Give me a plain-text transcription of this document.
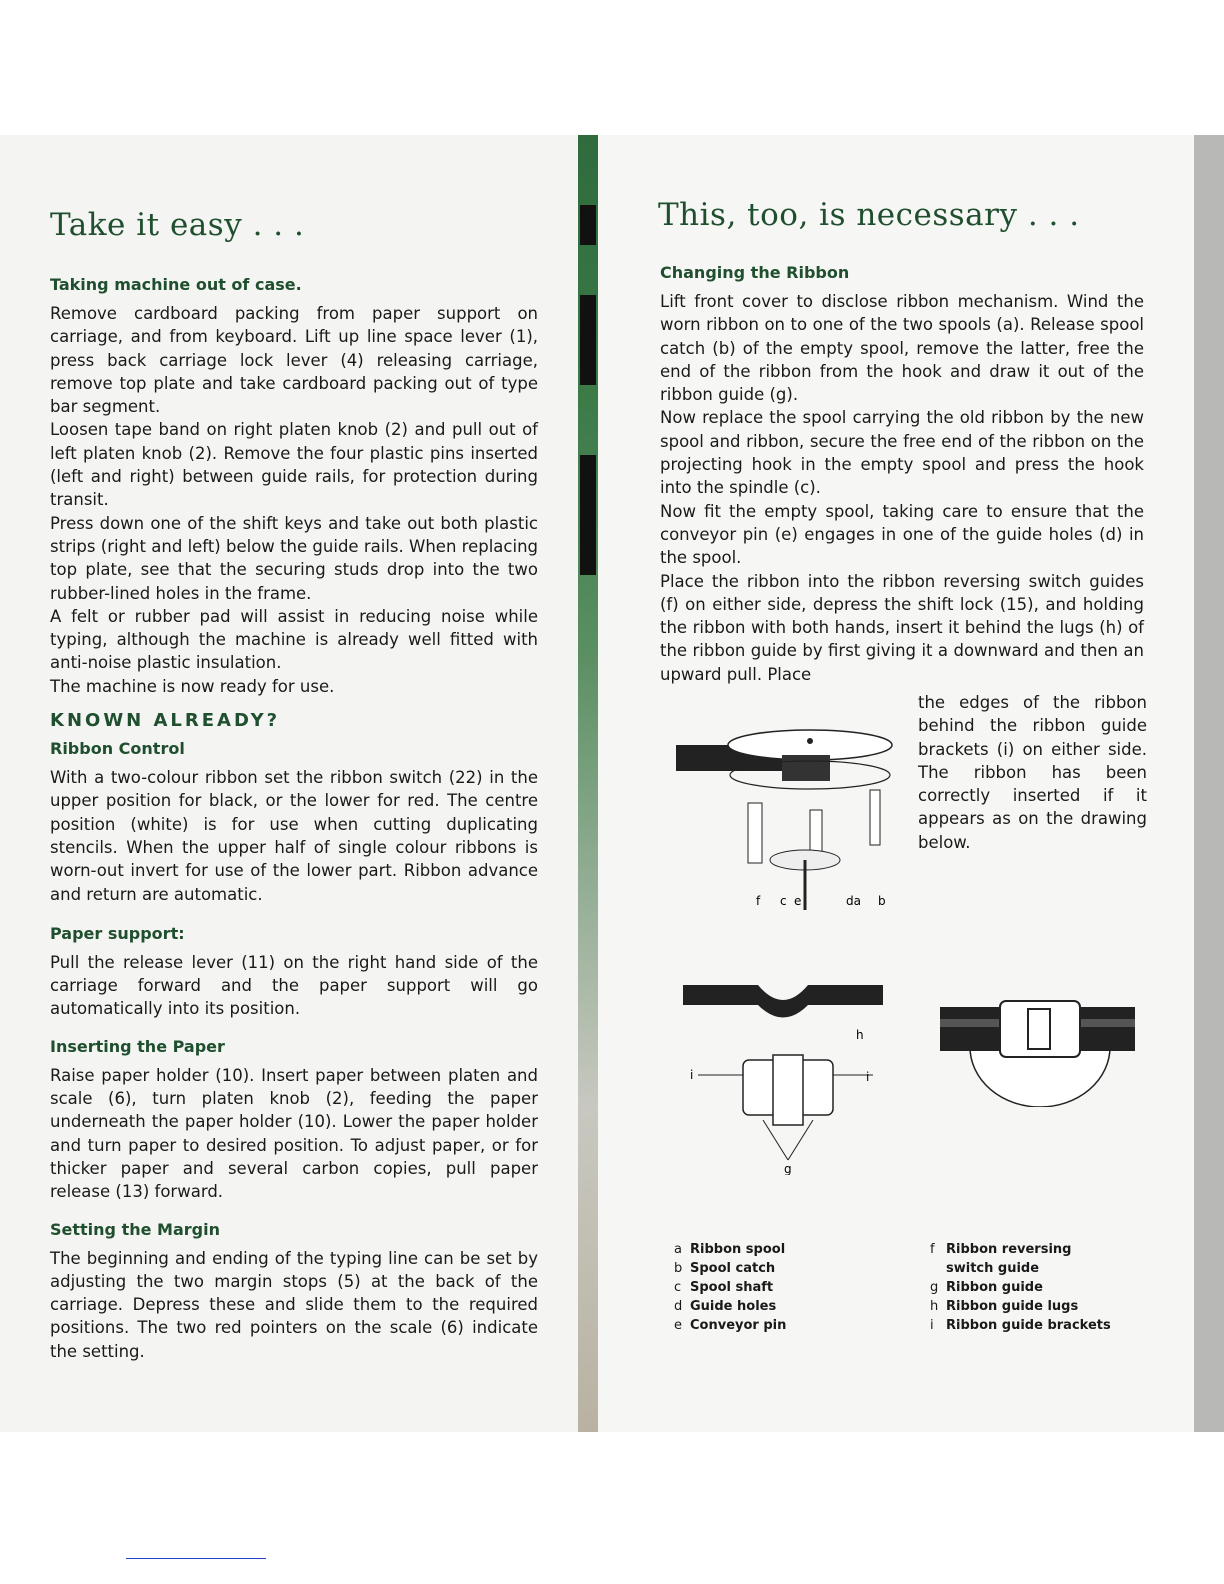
Take it easy . . .
Taking machine out of case.

Remove cardboard packing from paper support on carriage, and from keyboard. Lift up line space lever (1), press back carriage lock lever (4) releasing carriage, remove top plate and take cardboard packing out of type bar segment.

Loosen tape band on right platen knob (2) and pull out of left platen knob (2). Remove the four plastic pins inserted (left and right) between guide rails, for protection during transit.

Press down one of the shift keys and take out both plastic strips (right and left) below the guide rails. When replacing top plate, see that the securing studs drop into the two rubber-lined holes in the frame.

A felt or rubber pad will assist in reducing noise while typing, although the machine is already well fitted with anti-noise plastic insulation.

The machine is now ready for use.

KNOWN ALREADY?
Ribbon Control

With a two-colour ribbon set the ribbon switch (22) in the upper position for black, or the lower for red. The centre position (white) is for use when cutting duplicating stencils. When the upper half of single colour ribbons is worn-out invert for use of the lower part. Ribbon advance and return are automatic.

Paper support:

Pull the release lever (11) on the right hand side of the carriage forward and the paper support will go automatically into its position.

Inserting the Paper

Raise paper holder (10). Insert paper between platen and scale (6), turn platen knob (2), feeding the paper underneath the paper holder (10). Lower the paper holder and turn paper to desired position. To adjust paper, or for thicker paper and several carbon copies, pull paper release (13) forward.

Setting the Margin

The beginning and ending of the typing line can be set by adjusting the two margin stops (5) at the back of the carriage. Depress these and slide them to the required positions. The two red pointers on the scale (6) indicate the setting.

This, too, is necessary . . .
Changing the Ribbon

Lift front cover to disclose ribbon mechanism. Wind the worn ribbon on to one of the two spools (a). Release spool catch (b) of the empty spool, remove the latter, free the end of the ribbon from the hook and draw it out of the ribbon guide (g).

Now replace the spool carrying the old ribbon by the new spool and ribbon, secure the free end of the ribbon on the projecting hook in the empty spool and press the hook into the spindle (c).

Now fit the empty spool, taking care to ensure that the conveyor pin (e) engages in one of the guide holes (d) in the spool.

Place the ribbon into the ribbon reversing switch guides (f) on either side, depress the shift lock (15), and holding the ribbon with both hands, insert it behind the lugs (h) of the ribbon guide by first giving it a downward and then an upward pull. Place

the edges of the ribbon behind the ribbon guide brackets (i) on either side. The ribbon has been correctly inserted if it appears as on the drawing below.
f c e	da b
h
i	i
g
a Ribbon spool
b Spool catch
c Spool shaft
d Guide holes
e Conveyor pin
f Ribbon reversing
switch guide
g Ribbon guide
h Ribbon guide lugs
i Ribbon guide brackets
